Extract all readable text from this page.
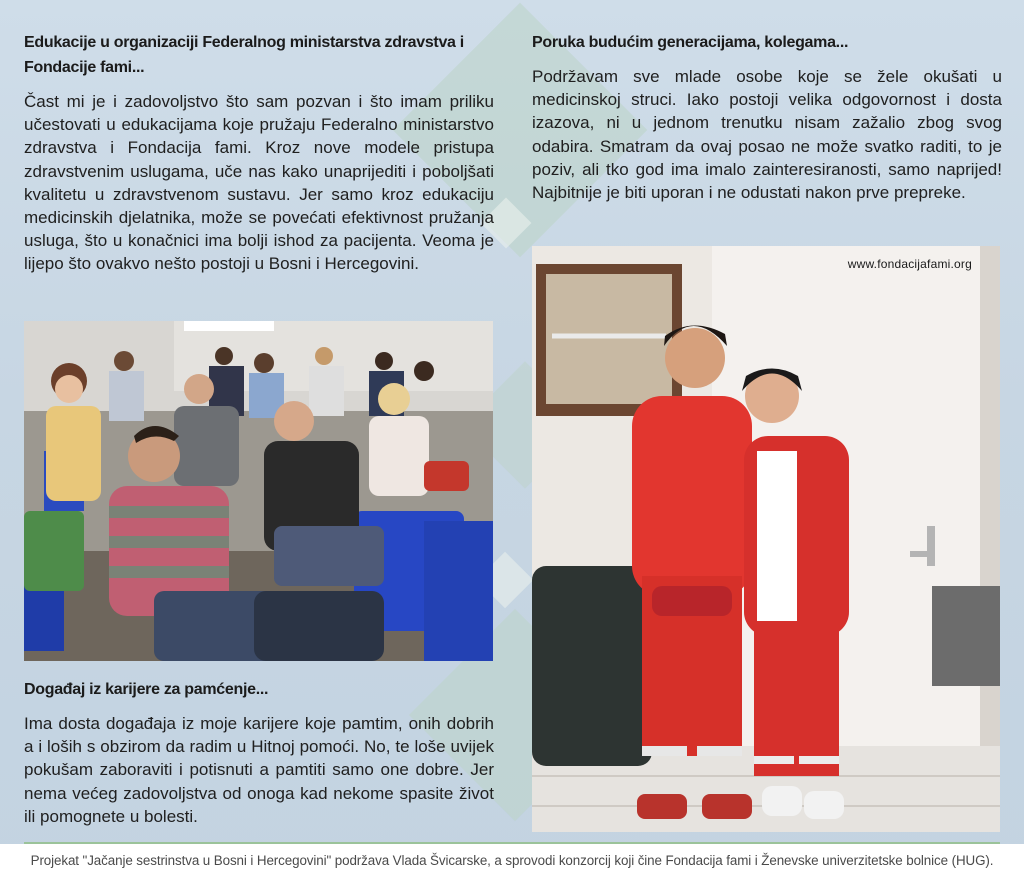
Edukacije u organizaciji Federalnog ministarstva zdravstva i Fondacije fami...

Čast mi je i zadovoljstvo što sam pozvan i što imam priliku učestovati u edukacijama koje pružaju Federalno ministarstvo zdravstva i Fondacija fami. Kroz nove modele pristupa zdravstvenim uslugama, uče nas kako unaprijediti i poboljšati kvalitetu u zdravstvenom sustavu. Jer samo kroz edukaciju medicinskih djelatnika, može se povećati efektivnost pružanja usluga, što u konačnici ima bolji ishod za pacijenta. Veoma je lijepo što ovakvo nešto postoji u Bosni i Hercegovini.

Događaj iz karijere za pamćenje...

Ima dosta događaja iz moje karijere koje pamtim, onih dobrih a i loših s obzirom da radim u Hitnoj pomoći. No, te loše uvijek pokušam zaboraviti i potisnuti a pamtiti samo one dobre. Jer nema većeg zadovoljstva od onoga kad nekome spasite život ili pomognete u bolesti.

Poruka budućim generacijama, kolegama...

Podržavam sve mlade osobe koje se žele okušati u medicinskoj struci. Iako postoji velika odgovornost i dosta izazova, ni u jednom trenutku nisam zažalio zbog svog odabira. Smatram da ovaj posao ne može svatko raditi, to je poziv, ali tko god ima imalo zainteresiranosti, samo naprijed! Najbitnije je biti uporan i ne odustati nakon prve prepreke.

www.fondacijafami.org
Projekat "Jačanje sestrinstva u Bosni i Hercegovini" podržava Vlada Švicarske, a sprovodi konzorcij koji čine Fondacija fami i Ženevske univerzitetske bolnice (HUG).
